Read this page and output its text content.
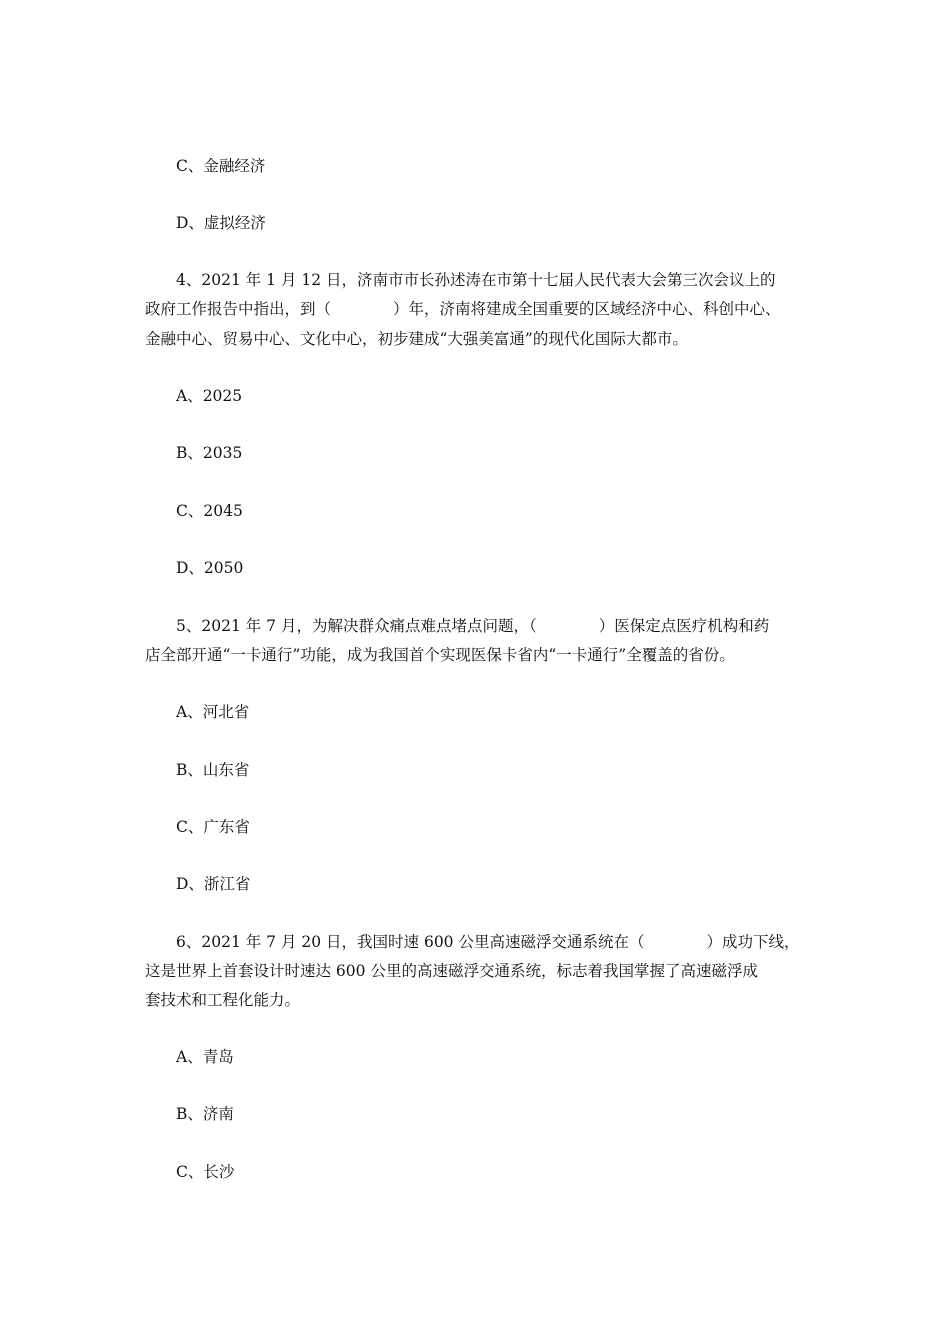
C、金融经济
D、虚拟经济
4、2021 年 1 月 12 日，济南市市长孙述涛在市第十七届人民代表大会第三次会议上的
政府工作报告中指出，到（　　　　）年，济南将建成全国重要的区域经济中心、科创中心、
金融中心、贸易中心、文化中心，初步建成“大强美富通”的现代化国际大都市。
A、2025
B、2035
C、2045
D、2050
5、2021 年 7 月，为解决群众痛点难点堵点问题，（　　　　）医保定点医疗机构和药
店全部开通“一卡通行”功能，成为我国首个实现医保卡省内“一卡通行”全覆盖的省份。
A、河北省
B、山东省
C、广东省
D、浙江省
6、2021 年 7 月 20 日，我国时速 600 公里高速磁浮交通系统在（　　　　）成功下线，
这是世界上首套设计时速达 600 公里的高速磁浮交通系统，标志着我国掌握了高速磁浮成
套技术和工程化能力。
A、青岛
B、济南
C、长沙
